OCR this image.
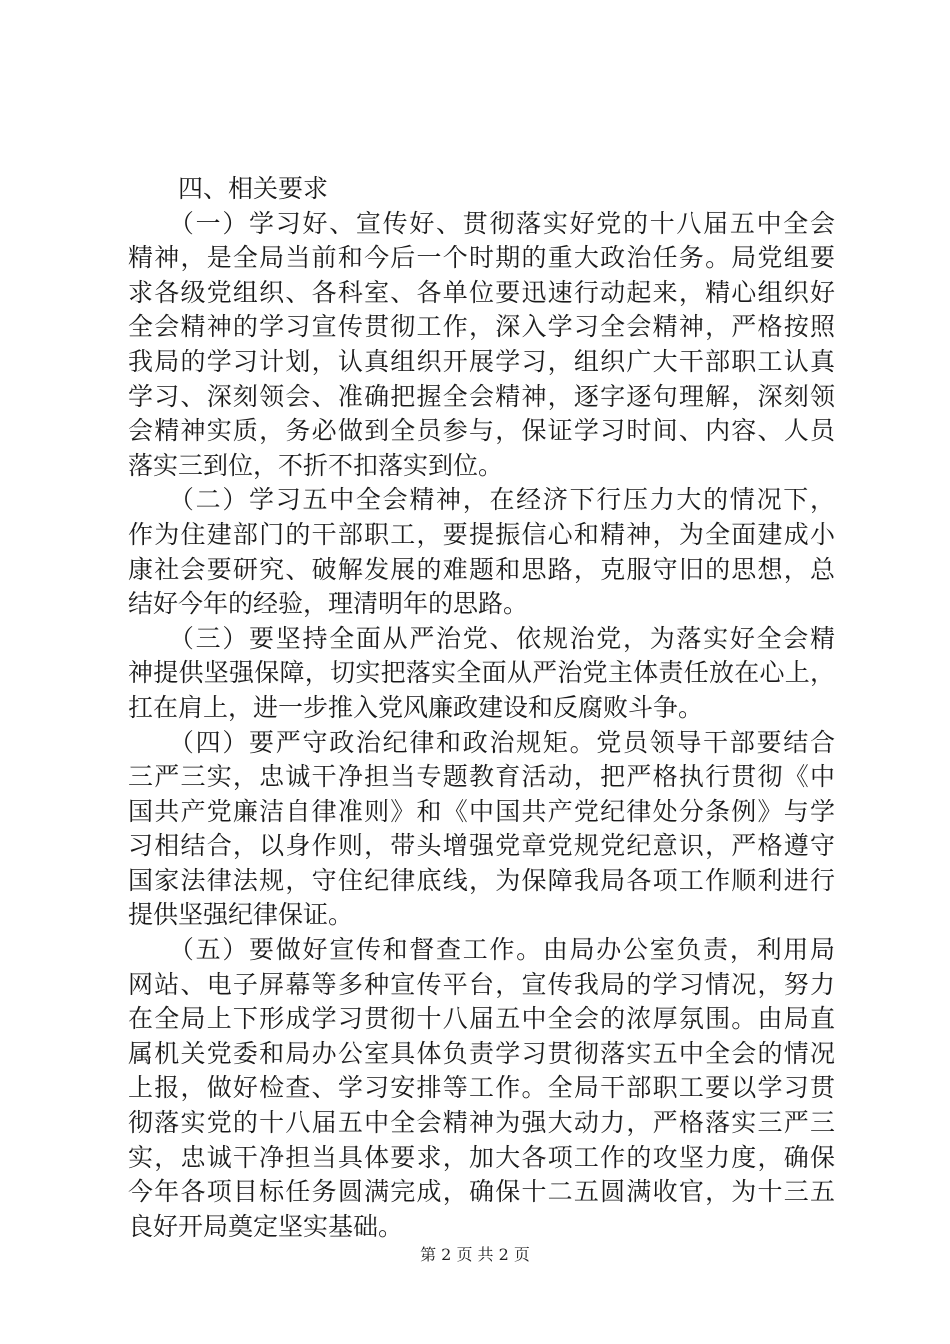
　　四、相关要求
　　（一）学习好、宣传好、贯彻落实好党的十八届五中全会
精神，是全局当前和今后一个时期的重大政治任务。局党组要
求各级党组织、各科室、各单位要迅速行动起来，精心组织好
全会精神的学习宣传贯彻工作，深入学习全会精神，严格按照
我局的学习计划，认真组织开展学习，组织广大干部职工认真
学习、深刻领会、准确把握全会精神，逐字逐句理解，深刻领
会精神实质，务必做到全员参与，保证学习时间、内容、人员
落实三到位，不折不扣落实到位。
　　（二）学习五中全会精神，在经济下行压力大的情况下，
作为住建部门的干部职工，要提振信心和精神，为全面建成小
康社会要研究、破解发展的难题和思路，克服守旧的思想，总
结好今年的经验，理清明年的思路。
　　（三）要坚持全面从严治党、依规治党，为落实好全会精
神提供坚强保障，切实把落实全面从严治党主体责任放在心上，
扛在肩上，进一步推入党风廉政建设和反腐败斗争。
　　（四）要严守政治纪律和政治规矩。党员领导干部要结合
三严三实，忠诚干净担当专题教育活动，把严格执行贯彻《中
国共产党廉洁自律准则》和《中国共产党纪律处分条例》与学
习相结合，以身作则，带头增强党章党规党纪意识，严格遵守
国家法律法规，守住纪律底线，为保障我局各项工作顺利进行
提供坚强纪律保证。
　　（五）要做好宣传和督查工作。由局办公室负责，利用局
网站、电子屏幕等多种宣传平台，宣传我局的学习情况，努力
在全局上下形成学习贯彻十八届五中全会的浓厚氛围。由局直
属机关党委和局办公室具体负责学习贯彻落实五中全会的情况
上报，做好检查、学习安排等工作。全局干部职工要以学习贯
彻落实党的十八届五中全会精神为强大动力，严格落实三严三
实，忠诚干净担当具体要求，加大各项工作的攻坚力度，确保
今年各项目标任务圆满完成，确保十二五圆满收官，为十三五
良好开局奠定坚实基础。
第 2 页 共 2 页
